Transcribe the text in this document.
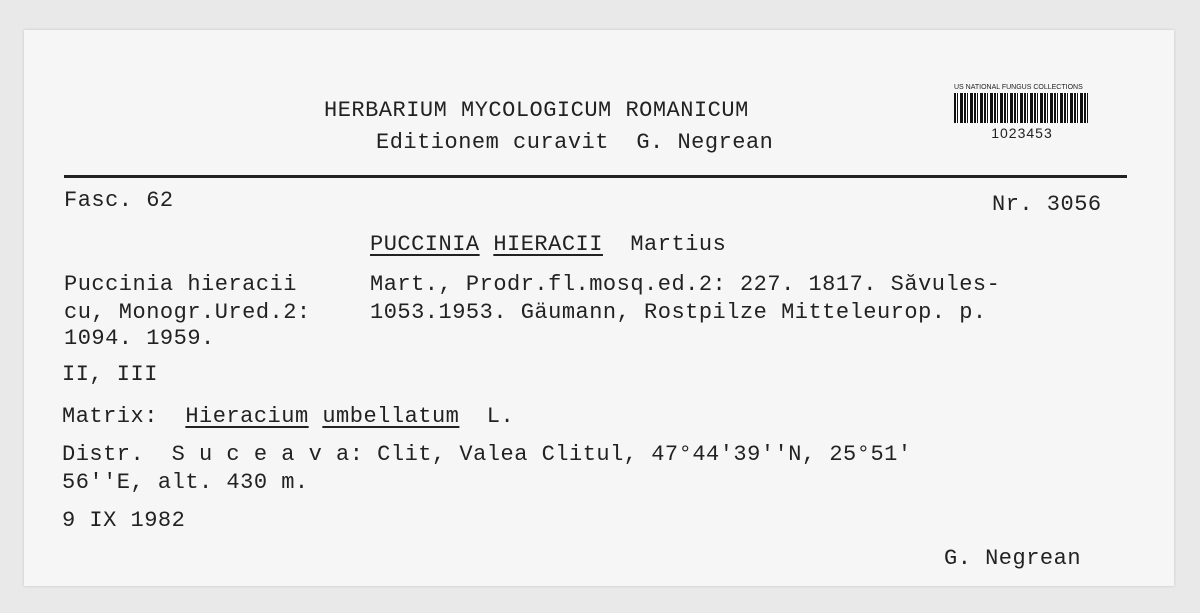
HERBARIUM MYCOLOGICUM ROMANICUM
Editionem curavit  G. Negrean
US NATIONAL FUNGUS COLLECTIONS
1023453
Fasc. 62	Nr. 3056
PUCCINIA HIERACII Martius
Puccinia hieracii	Mart., Prodr.fl.mosq.ed.2: 227. 1817. Săvules-
cu, Monogr.Ured.2:	1053.1953. Gäumann, Rostpilze Mitteleurop. p.
1094. 1959.
II, III
Matrix: Hieracium umbellatum L.
Distr. S u c e a v a: Clit, Valea Clitul, 47°44'39''N, 25°51'
56''E, alt. 430 m.
9 IX 1982
G. Negrean
